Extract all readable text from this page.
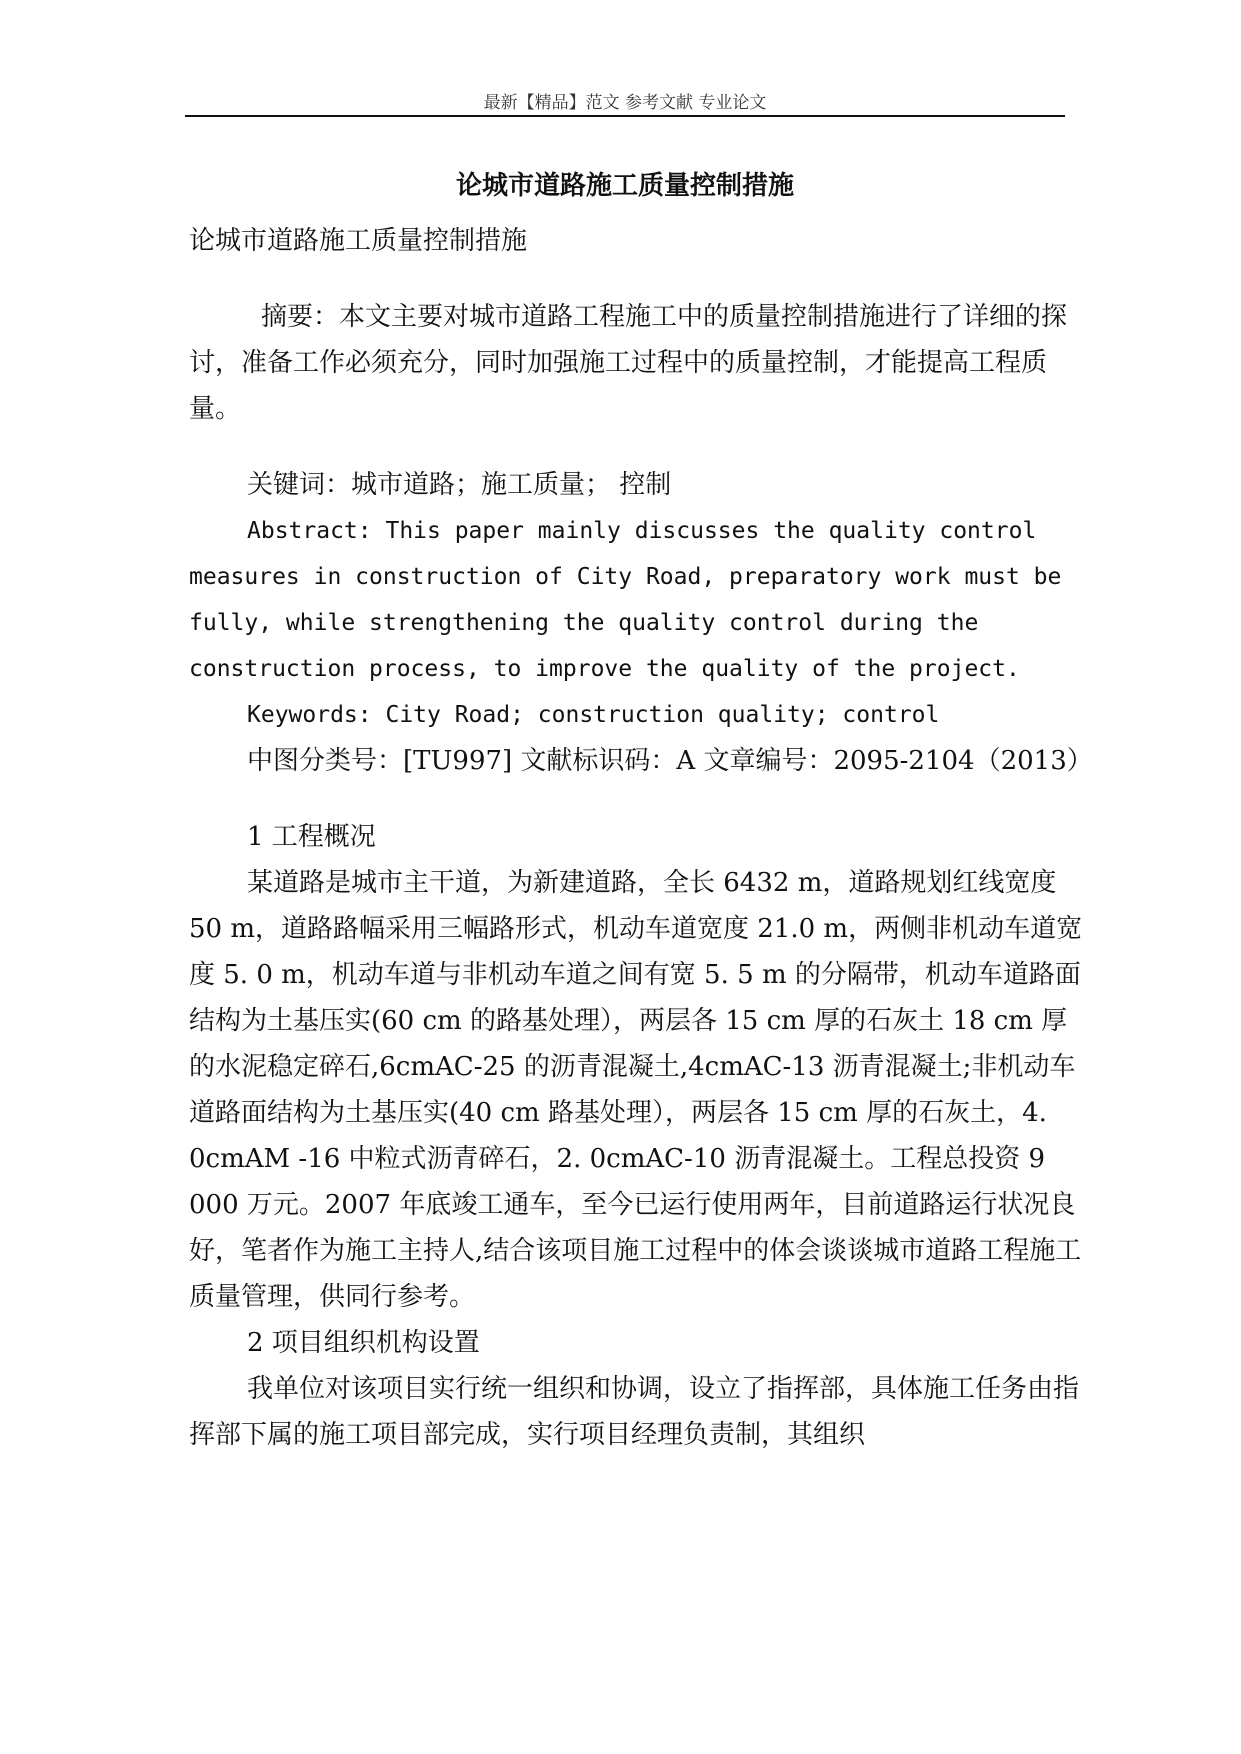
最新【精品】范文 参考文献 专业论文
论城市道路施工质量控制措施

论城市道路施工质量控制措施

摘要：本文主要对城市道路工程施工中的质量控制措施进行了详细的探讨，准备工作必须充分，同时加强施工过程中的质量控制，才能提高工程质量。

关键词：城市道路；施工质量； 控制

Abstract: This paper mainly discusses the quality control measures in construction of City Road, preparatory work must be fully, while strengthening the quality control during the construction process, to improve the quality of the project.

Keywords: City Road; construction quality; control

中图分类号：[TU997] 文献标识码：A 文章编号：2095-2104（2013）

1 工程概况

某道路是城市主干道，为新建道路，全长 6432 m，道路规划红线宽度 50 m，道路路幅采用三幅路形式，机动车道宽度 21.0 m，两侧非机动车道宽度 5. 0 m，机动车道与非机动车道之间有宽 5. 5 m 的分隔带，机动车道路面结构为土基压实(60 cm 的路基处理），两层各 15 cm 厚的石灰土 18 cm 厚的水泥稳定碎石,6cmAC-25 的沥青混凝土,4cmAC-13 沥青混凝土;非机动车道路面结构为土基压实(40 cm 路基处理），两层各 15 cm 厚的石灰土，4. 0cmAM -16 中粒式沥青碎石，2. 0cmAC-10 沥青混凝土。工程总投资 9 000 万元。2007 年底竣工通车，至今已运行使用两年，目前道路运行状况良好，笔者作为施工主持人,结合该项目施工过程中的体会谈谈城市道路工程施工质量管理，供同行参考。

2 项目组织机构设置

我单位对该项目实行统一组织和协调，设立了指挥部，具体施工任务由指挥部下属的施工项目部完成，实行项目经理负责制，其组织
